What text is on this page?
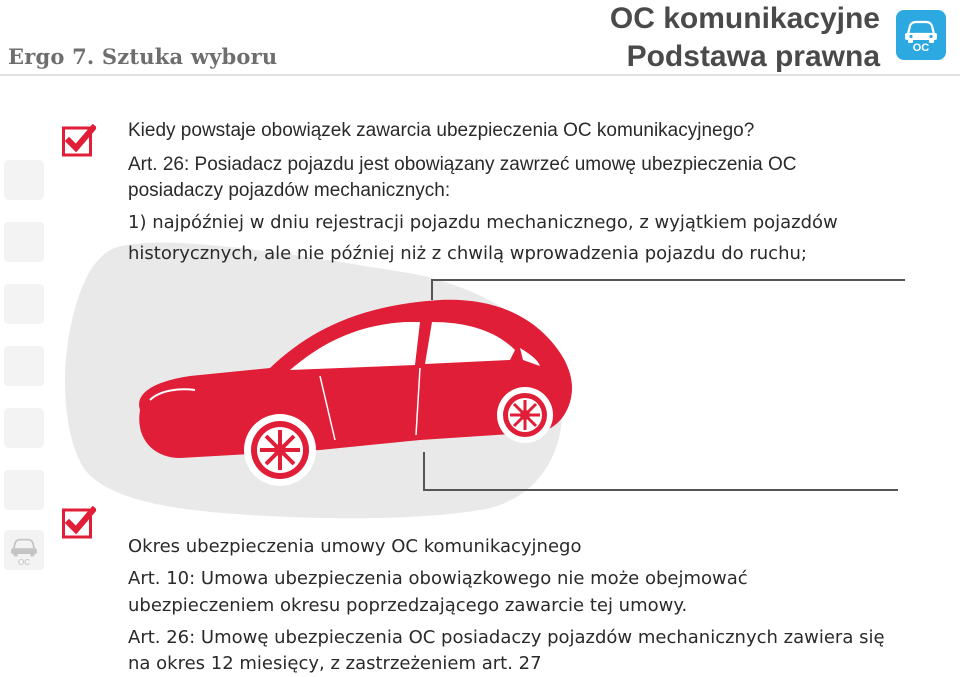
Ergo 7. Sztuka wyboru
OC komunikacyjne
Podstawa prawna	OC
OC
Kiedy powstaje obowiązek zawarcia ubezpieczenia OC komunikacyjnego?
Art. 26: Posiadacz pojazdu jest obowiązany zawrzeć umowę ubezpieczenia OC
posiadaczy pojazdów mechanicznych:
1) najpóźniej w dniu rejestracji pojazdu mechanicznego, z wyjątkiem pojazdów
historycznych, ale nie później niż z chwilą wprowadzenia pojazdu do ruchu;
Okres ubezpieczenia umowy OC komunikacyjnego
Art. 10: Umowa ubezpieczenia obowiązkowego nie może obejmować
ubezpieczeniem okresu poprzedzającego zawarcie tej umowy.
Art. 26: Umowę ubezpieczenia OC posiadaczy pojazdów mechanicznych zawiera się
na okres 12 miesięcy, z zastrzeżeniem art. 27
